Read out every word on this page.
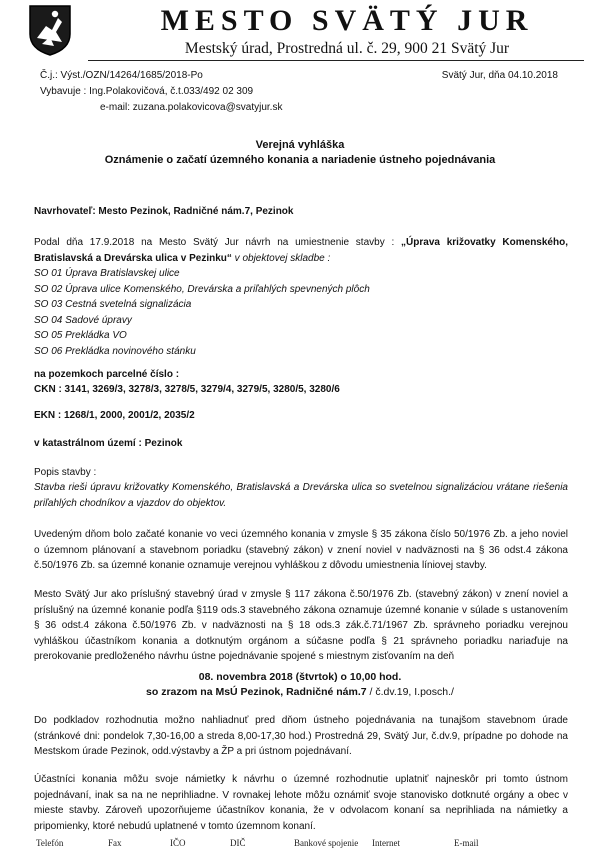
MESTO SVÄTÝ JUR
Mestský úrad, Prostredná ul. č. 29, 900 21 Svätý Jur
Č.j.: Výst./OZN/14264/1685/2018-Po
Vybavuje : Ing.Polakovičová, č.t.033/492 02 309
e-mail: zuzana.polakovicova@svatyjur.sk
Svätý Jur, dňa 04.10.2018
Verejná vyhláška
Oznámenie o začatí územného konania a nariadenie ústneho pojednávania
Navrhovateľ: Mesto Pezinok, Radničné nám.7, Pezinok
Podal dňa 17.9.2018 na Mesto Svätý Jur návrh na umiestnenie stavby : „Úprava križovatky Komenského, Bratislavská a Drevárska ulica v Pezinku“ v objektovej skladbe :
SO 01 Úprava Bratislavskej ulice
SO 02 Úprava ulice Komenského, Drevárska a priľahlých spevnených plôch
SO 03 Cestná svetelná signalizácia
SO 04 Sadové úpravy
SO 05 Prekládka VO
SO 06 Prekládka novinového stánku
na pozemkoch parcelné číslo :
CKN : 3141, 3269/3, 3278/3, 3278/5, 3279/4, 3279/5, 3280/5, 3280/6
EKN : 1268/1, 2000, 2001/2, 2035/2
v katastrálnom území : Pezinok
Popis stavby :
Stavba rieši úpravu križovatky Komenského, Bratislavská a Drevárska ulica so svetelnou signalizáciou vrátane riešenia priľahlých chodníkov a vjazdov do objektov.
Uvedeným dňom bolo začaté konanie vo veci územného konania v zmysle § 35 zákona číslo 50/1976 Zb. a jeho noviel o územnom plánovaní a stavebnom poriadku (stavebný zákon) v znení noviel v nadväznosti na § 36 odst.4 zákona č.50/1976 Zb. sa územné konanie oznamuje verejnou vyhláškou z dôvodu umiestnenia líniovej stavby.
Mesto Svätý Jur ako príslušný stavebný úrad v zmysle § 117 zákona č.50/1976 Zb. (stavebný zákon) v znení noviel a príslušný na územné konanie podľa §119 ods.3 stavebného zákona oznamuje územné konanie v súlade s ustanovením § 36 odst.4 zákona č.50/1976 Zb. v nadväznosti na § 18 ods.3 zák.č.71/1967 Zb. správneho poriadku verejnou vyhláškou účastníkom konania a dotknutým orgánom a súčasne podľa § 21 správneho poriadku nariaďuje na prerokovanie predloženého návrhu ústne pojednávanie spojené s miestnym zisťovaním na deň
08. novembra 2018 (štvrtok) o 10,00 hod.
so zrazom na MsÚ Pezinok, Radničné nám.7 / č.dv.19, I.posch./
Do podkladov rozhodnutia možno nahliadnuť pred dňom ústneho pojednávania na tunajšom stavebnom úrade (stránkové dni: pondelok 7,30-16,00 a streda 8,00-17,30 hod.) Prostredná 29, Svätý Jur, č.dv.9, prípadne po dohode na Mestskom úrade Pezinok, odd.výstavby a ŽP a pri ústnom pojednávaní.
Účastníci konania môžu svoje námietky k návrhu o územné rozhodnutie uplatniť najneskôr pri tomto ústnom pojednávaní, inak sa na ne neprihliadne. V rovnakej lehote môžu oznámiť svoje stanovisko dotknuté orgány a obec v mieste stavby. Zároveň upozorňujeme účastníkov konania, že v odvolacom konaní sa neprihliada na námietky a pripomienky, ktoré nebudú uplatnené v tomto územnom konaní.
Telefón	Fax	IČO	DIČ	Bankové spojenie Internet	E-mail
